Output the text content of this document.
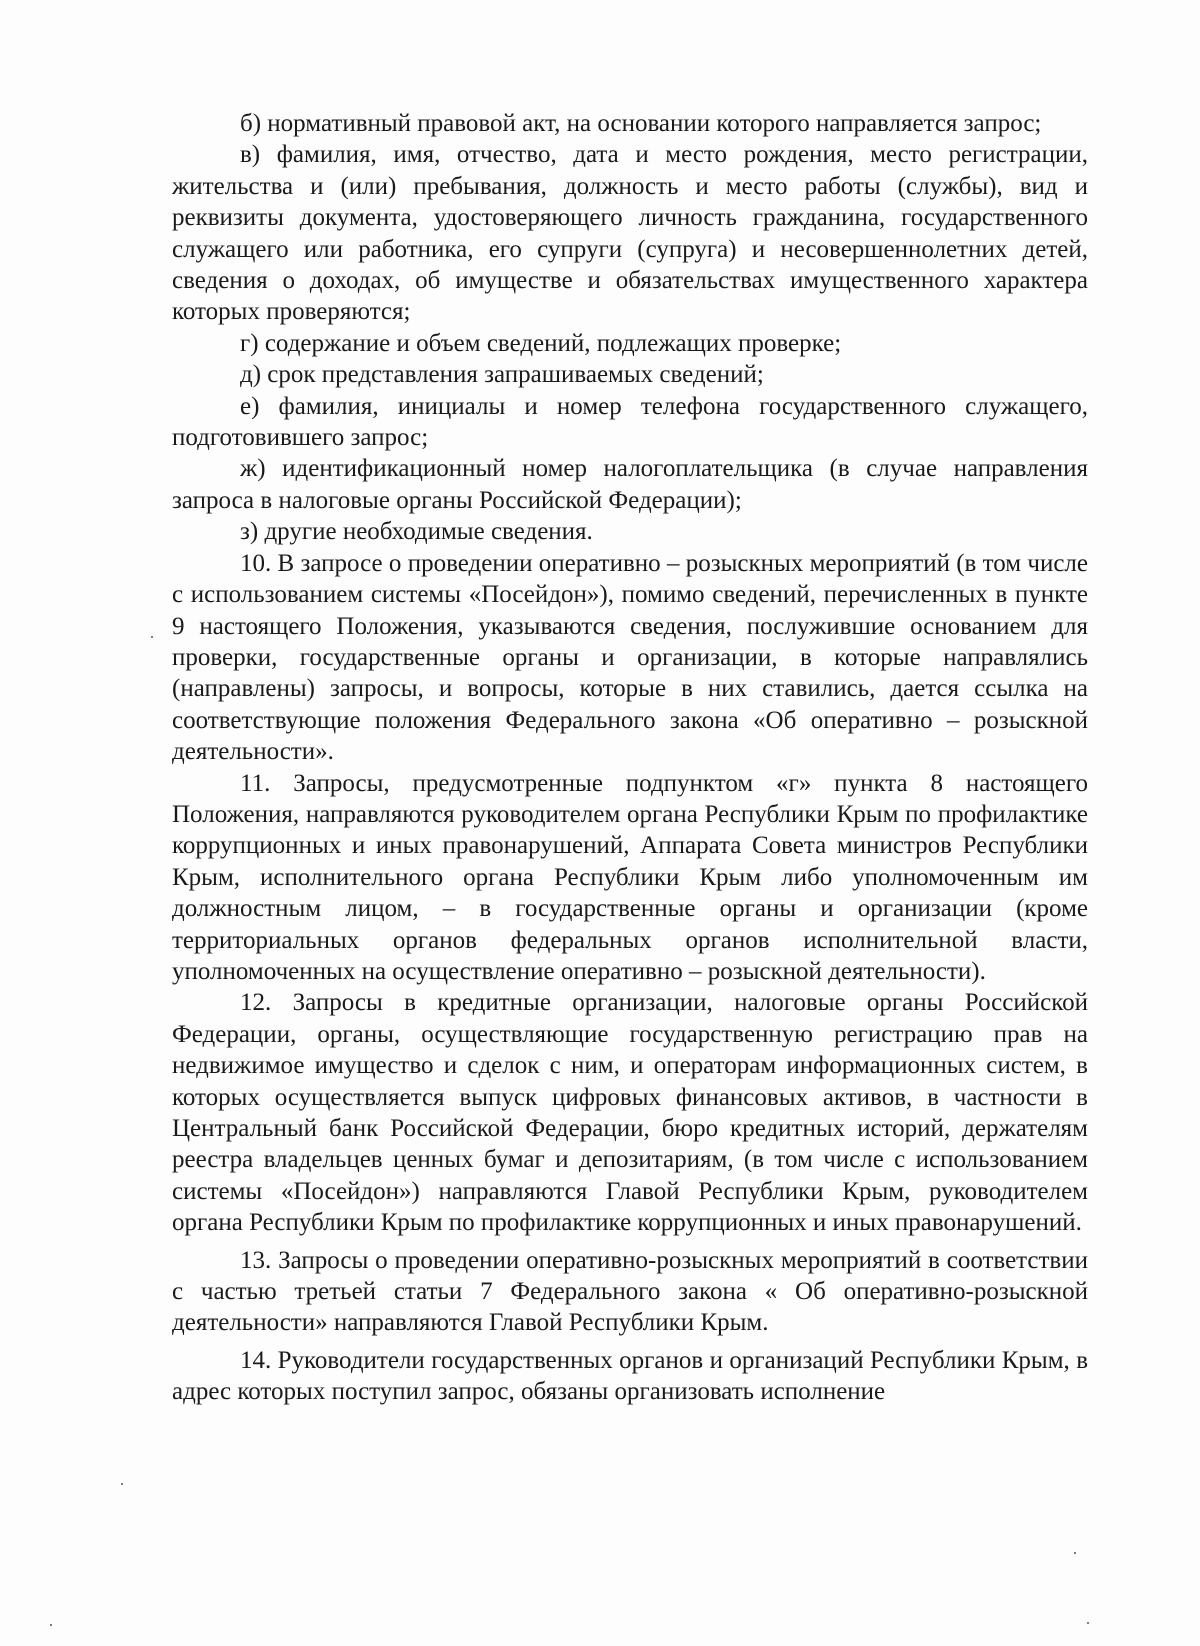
б) нормативный правовой акт, на основании которого направляется запрос;

в) фамилия, имя, отчество, дата и место рождения, место регистрации, жительства и (или) пребывания, должность и место работы (службы), вид и реквизиты документа, удостоверяющего личность гражданина, государственного служащего или работника, его супруги (супруга) и несовершеннолетних детей, сведения о доходах, об имуществе и обязательствах имущественного характера которых проверяются;

г) содержание и объем сведений, подлежащих проверке;

д) срок представления запрашиваемых сведений;

е) фамилия, инициалы и номер телефона государственного служащего, подготовившего запрос;

ж) идентификационный номер налогоплательщика (в случае направления запроса в налоговые органы Российской Федерации);

з) другие необходимые сведения.

10. В запросе о проведении оперативно – розыскных мероприятий (в том числе с использованием системы «Посейдон»), помимо сведений, перечисленных в пункте 9 настоящего Положения, указываются сведения, послужившие основанием для проверки, государственные органы и организации, в которые направлялись (направлены) запросы, и вопросы, которые в них ставились, дается ссылка на соответствующие положения Федерального закона «Об оперативно – розыскной деятельности».

11. Запросы, предусмотренные подпунктом «г» пункта 8 настоящего Положения, направляются руководителем органа Республики Крым по профилактике коррупционных и иных правонарушений, Аппарата Совета министров Республики Крым, исполнительного органа Республики Крым либо уполномоченным им должностным лицом, – в государственные органы и организации (кроме территориальных органов федеральных органов исполнительной власти, уполномоченных на осуществление оперативно – розыскной деятельности).

12. Запросы в кредитные организации, налоговые органы Российской Федерации, органы, осуществляющие государственную регистрацию прав на недвижимое имущество и сделок с ним, и операторам информационных систем, в которых осуществляется выпуск цифровых финансовых активов, в частности в Центральный банк Российской Федерации, бюро кредитных историй, держателям реестра владельцев ценных бумаг и депозитариям, (в том числе с использованием системы «Посейдон») направляются Главой Республики Крым, руководителем органа Республики Крым по профилактике коррупционных и иных правонарушений.

13. Запросы о проведении оперативно-розыскных мероприятий в соответствии с частью третьей статьи 7 Федерального закона « Об оперативно-розыскной деятельности» направляются Главой Республики Крым.

14. Руководители государственных органов и организаций Республики Крым, в адрес которых поступил запрос, обязаны организовать исполнение
